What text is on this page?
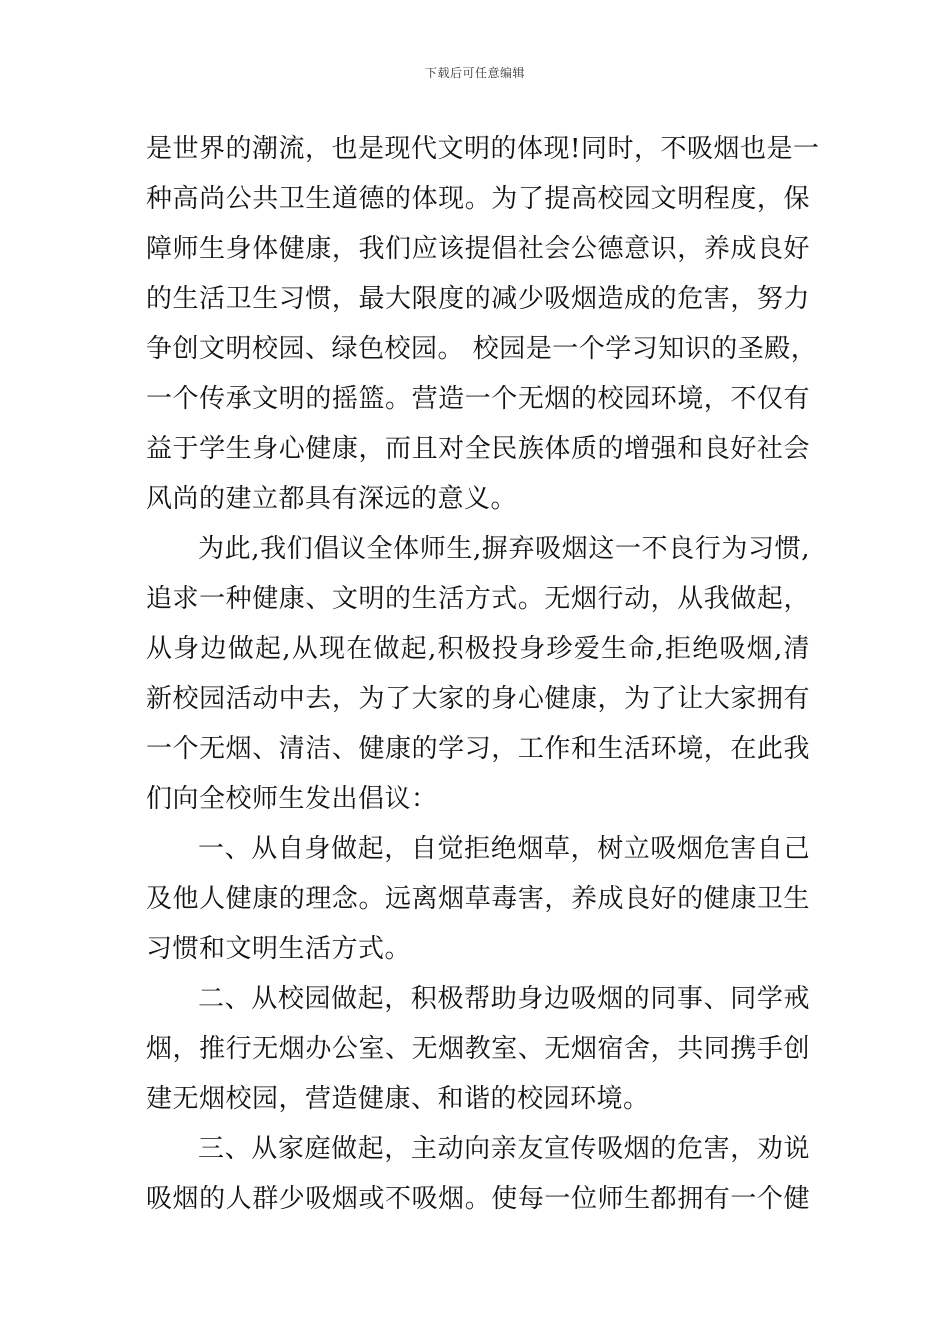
下载后可任意编辑
是世界的潮流，也是现代文明的体现!同时，不吸烟也是一
种高尚公共卫生道德的体现。为了提高校园文明程度，保
障师生身体健康，我们应该提倡社会公德意识，养成良好
的生活卫生习惯，最大限度的减少吸烟造成的危害，努力
争创文明校园、绿色校园。 校园是一个学习知识的圣殿，
一个传承文明的摇篮。营造一个无烟的校园环境，不仅有
益于学生身心健康，而且对全民族体质的增强和良好社会
风尚的建立都具有深远的意义。
为此,我们倡议全体师生,摒弃吸烟这一不良行为习惯,
追求一种健康、文明的生活方式。无烟行动，从我做起，
从身边做起,从现在做起,积极投身珍爱生命,拒绝吸烟,清
新校园活动中去，为了大家的身心健康，为了让大家拥有
一个无烟、清洁、健康的学习，工作和生活环境，在此我
们向全校师生发出倡议：
一、从自身做起，自觉拒绝烟草，树立吸烟危害自己
及他人健康的理念。远离烟草毒害，养成良好的健康卫生
习惯和文明生活方式。
二、从校园做起，积极帮助身边吸烟的同事、同学戒
烟，推行无烟办公室、无烟教室、无烟宿舍，共同携手创
建无烟校园，营造健康、和谐的校园环境。
三、从家庭做起，主动向亲友宣传吸烟的危害，劝说
吸烟的人群少吸烟或不吸烟。使每一位师生都拥有一个健
